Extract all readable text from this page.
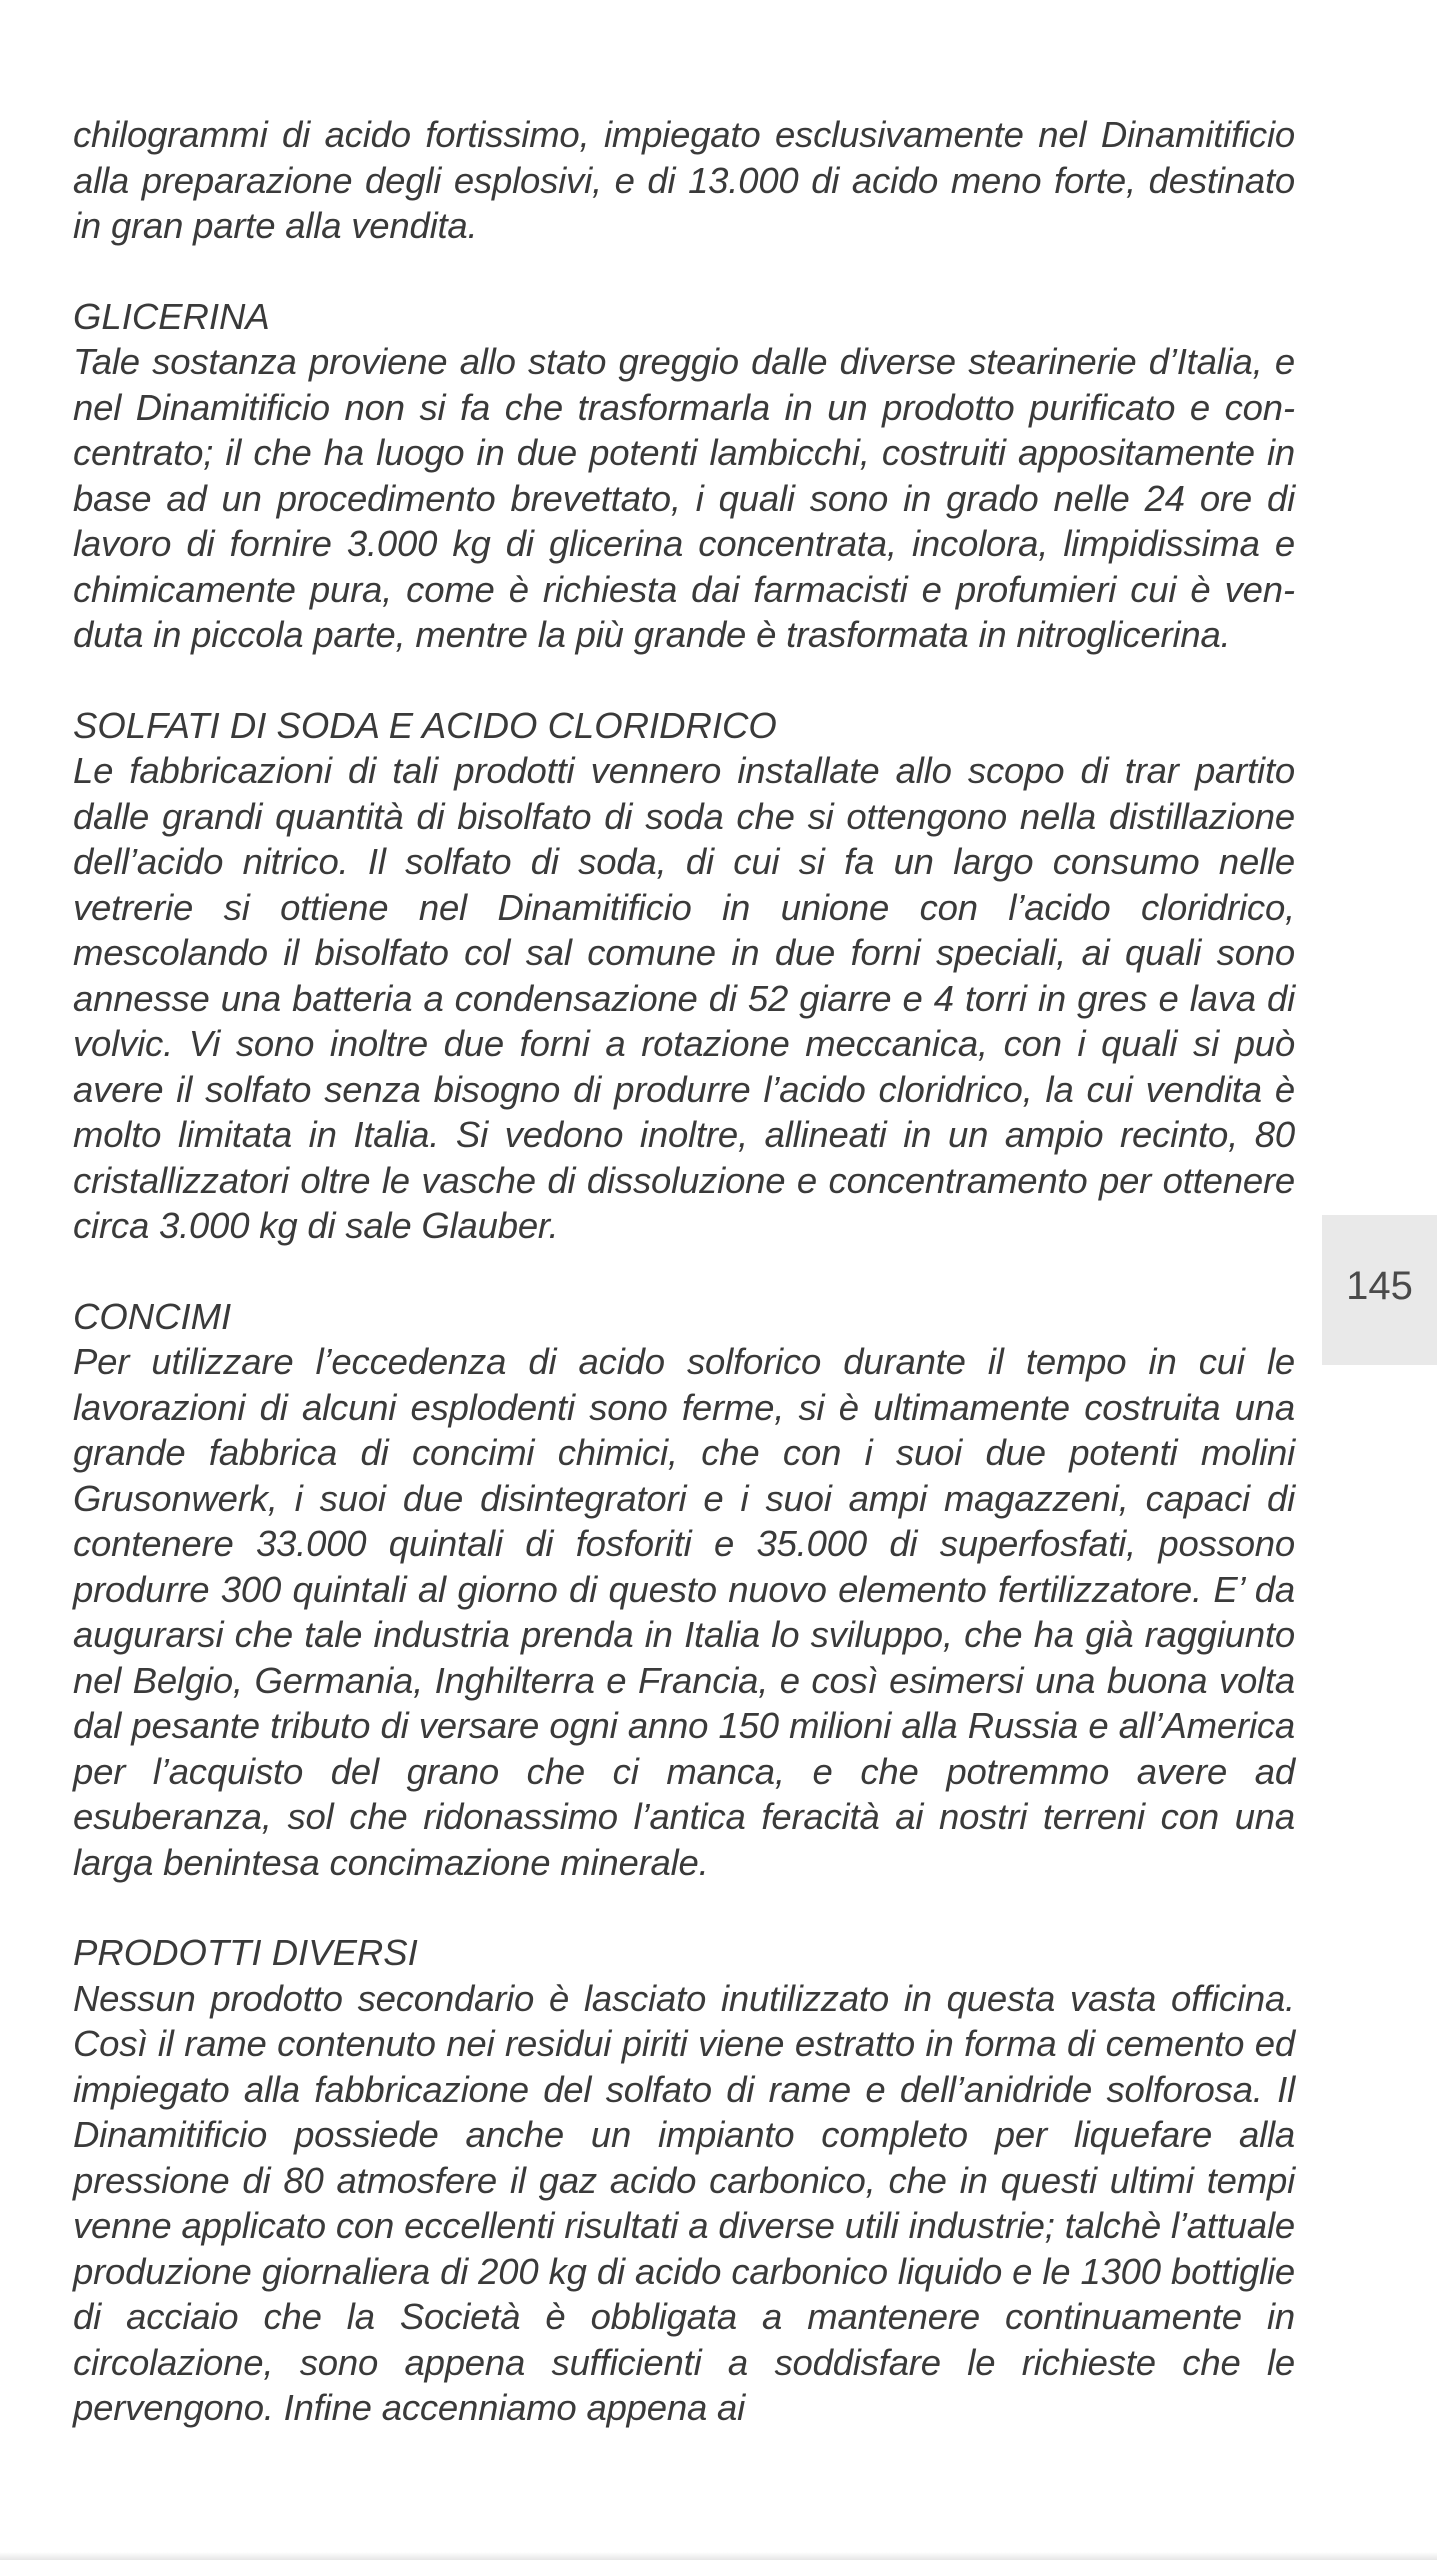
chilogrammi di acido fortissimo, impiegato esclusivamente nel Dinamitificio alla preparazione degli esplosivi, e di 13.000 di acido meno forte, destinato in gran parte alla vendita.

GLICERINA

Tale sostanza proviene allo stato greggio dalle diverse stearinerie d’Italia, e nel Dinamitificio non si fa che trasformarla in un prodotto purificato e concentrato; il che ha luogo in due potenti lambicchi, costruiti appositamente in base ad un procedimento brevettato, i quali sono in grado nelle 24 ore di lavoro di fornire 3.000 kg di glicerina concentrata, incolora, limpidissima e chimicamente pura, come è richiesta dai farmacisti e profumieri cui è venduta in piccola parte, mentre la più grande è trasformata in nitroglicerina.

SOLFATI DI SODA E ACIDO CLORIDRICO

Le fabbricazioni di tali prodotti vennero installate allo scopo di trar partito dalle grandi quantità di bisolfato di soda che si ottengono nella distillazione dell’acido nitrico. Il solfato di soda, di cui si fa un largo consumo nelle vetrerie si ottiene nel Dinamitificio in unione con l’acido cloridrico, mescolando il bisolfato col sal comune in due forni speciali, ai quali sono annesse una batteria a condensazione di 52 giarre e 4 torri in gres e lava di volvic. Vi sono inoltre due forni a rotazione meccanica, con i quali si può avere il solfato senza bisogno di produrre l’acido cloridrico, la cui vendita è molto limitata in Italia. Si vedono inoltre, allineati in un ampio recinto, 80 cristallizzatori oltre le vasche di dissoluzione e concentramento per ottenere circa 3.000 kg di sale Glauber.

CONCIMI

Per utilizzare l’eccedenza di acido solforico durante il tempo in cui le lavorazioni di alcuni esplodenti sono ferme, si è ultimamente costruita una grande fabbrica di concimi chimici, che con i suoi due potenti molini Grusonwerk, i suoi due disintegratori e i suoi ampi magazzeni, capaci di contenere 33.000 quintali di fosforiti e 35.000 di superfosfati, possono produrre 300 quintali al giorno di questo nuovo elemento fertilizzatore. E’ da augurarsi che tale industria prenda in Italia lo sviluppo, che ha già raggiunto nel Belgio, Germania, Inghilterra e Francia, e così esimersi una buona volta dal pesante tributo di versare ogni anno 150 milioni alla Russia e all’America per l’acquisto del grano che ci manca, e che potremmo avere ad esuberanza, sol che ridonassimo l’antica feracità ai nostri terreni con una larga benintesa concimazione minerale.

PRODOTTI DIVERSI

Nessun prodotto secondario è lasciato inutilizzato in questa vasta officina. Così il rame contenuto nei residui piriti viene estratto in forma di cemento ed impiegato alla fabbricazione del solfato di rame e dell’anidride solforosa. Il Dinamitificio possiede anche un impianto completo per liquefare alla pressione di 80 atmosfere il gaz acido carbonico, che in questi ultimi tempi venne applicato con eccellenti risultati a diverse utili industrie; talchè l’attuale produzione giornaliera di 200 kg di acido carbonico liquido e le 1300 bottiglie di acciaio che la Società è obbligata a mantenere continuamente in circolazione, sono appena sufficienti a soddisfare le richieste che le pervengono. Infine accenniamo appena ai

145
